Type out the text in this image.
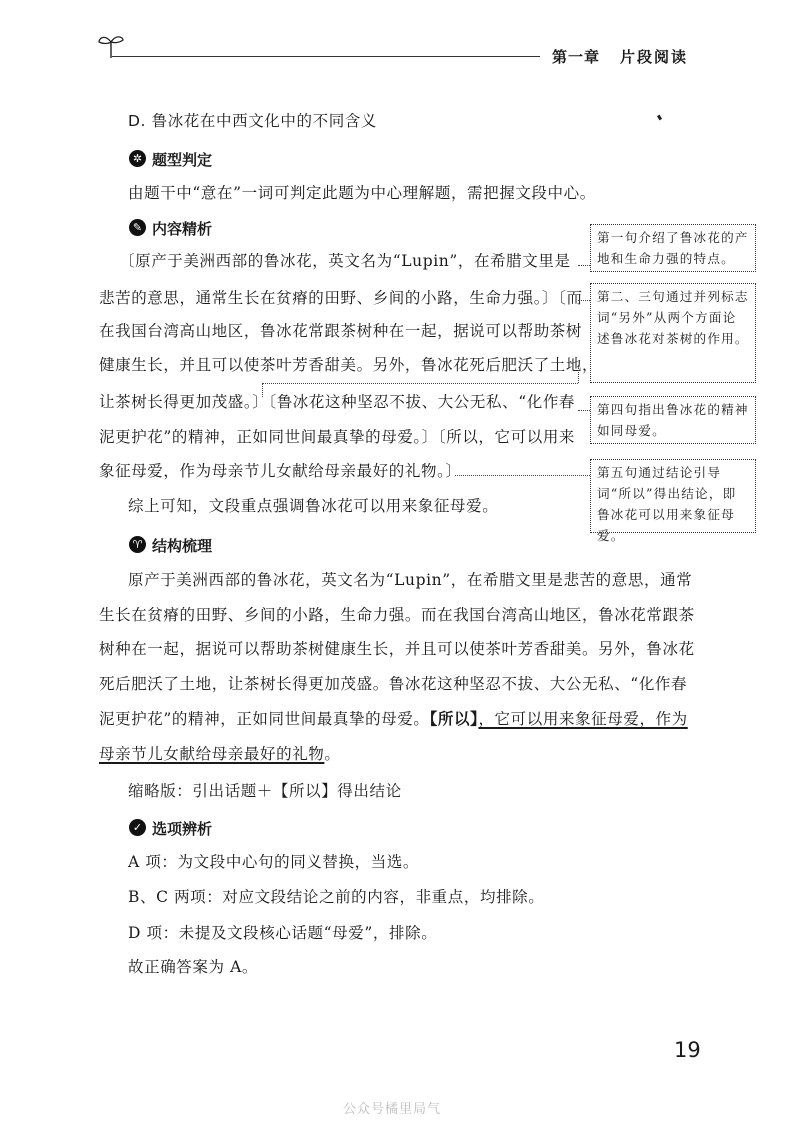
第一章 片段阅读
D. 鲁冰花在中西文化中的不同含义
✲ 题型判定
由题干中“意在”一词可判定此题为中心理解题，需把握文段中心。
✎ 内容精析
〔原产于美洲西部的鲁冰花，英文名为“Lupin”，在希腊文里是
悲苦的意思，通常生长在贫瘠的田野、乡间的小路，生命力强。〕〔而
在我国台湾高山地区，鲁冰花常跟茶树种在一起，据说可以帮助茶树
健康生长，并且可以使茶叶芳香甜美。另外，鲁冰花死后肥沃了土地，
让茶树长得更加茂盛。〕〔鲁冰花这种坚忍不拔、大公无私、“化作春
泥更护花”的精神，正如同世间最真挚的母爱。〕〔所以，它可以用来
象征母爱，作为母亲节儿女献给母亲最好的礼物。〕
综上可知，文段重点强调鲁冰花可以用来象征母爱。
第一句介绍了鲁冰花的产地和生命力强的特点。
第二、三句通过并列标志词“另外”从两个方面论述鲁冰花对茶树的作用。
第四句指出鲁冰花的精神如同母爱。
第五句通过结论引导词“所以”得出结论，即鲁冰花可以用来象征母爱。
♈ 结构梳理
原产于美洲西部的鲁冰花，英文名为“Lupin”，在希腊文里是悲苦的意思，通常
生长在贫瘠的田野、乡间的小路，生命力强。而在我国台湾高山地区，鲁冰花常跟茶
树种在一起，据说可以帮助茶树健康生长，并且可以使茶叶芳香甜美。另外，鲁冰花
死后肥沃了土地，让茶树长得更加茂盛。鲁冰花这种坚忍不拔、大公无私、“化作春
泥更护花”的精神，正如同世间最真挚的母爱。【所以】，它可以用来象征母爱，作为
母亲节儿女献给母亲最好的礼物。
缩略版：引出话题＋【所以】得出结论
✓ 选项辨析
A 项：为文段中心句的同义替换，当选。
B、C 两项：对应文段结论之前的内容，非重点，均排除。
D 项：未提及文段核心话题“母爱”，排除。
故正确答案为 A。
19
公众号橘里局气
